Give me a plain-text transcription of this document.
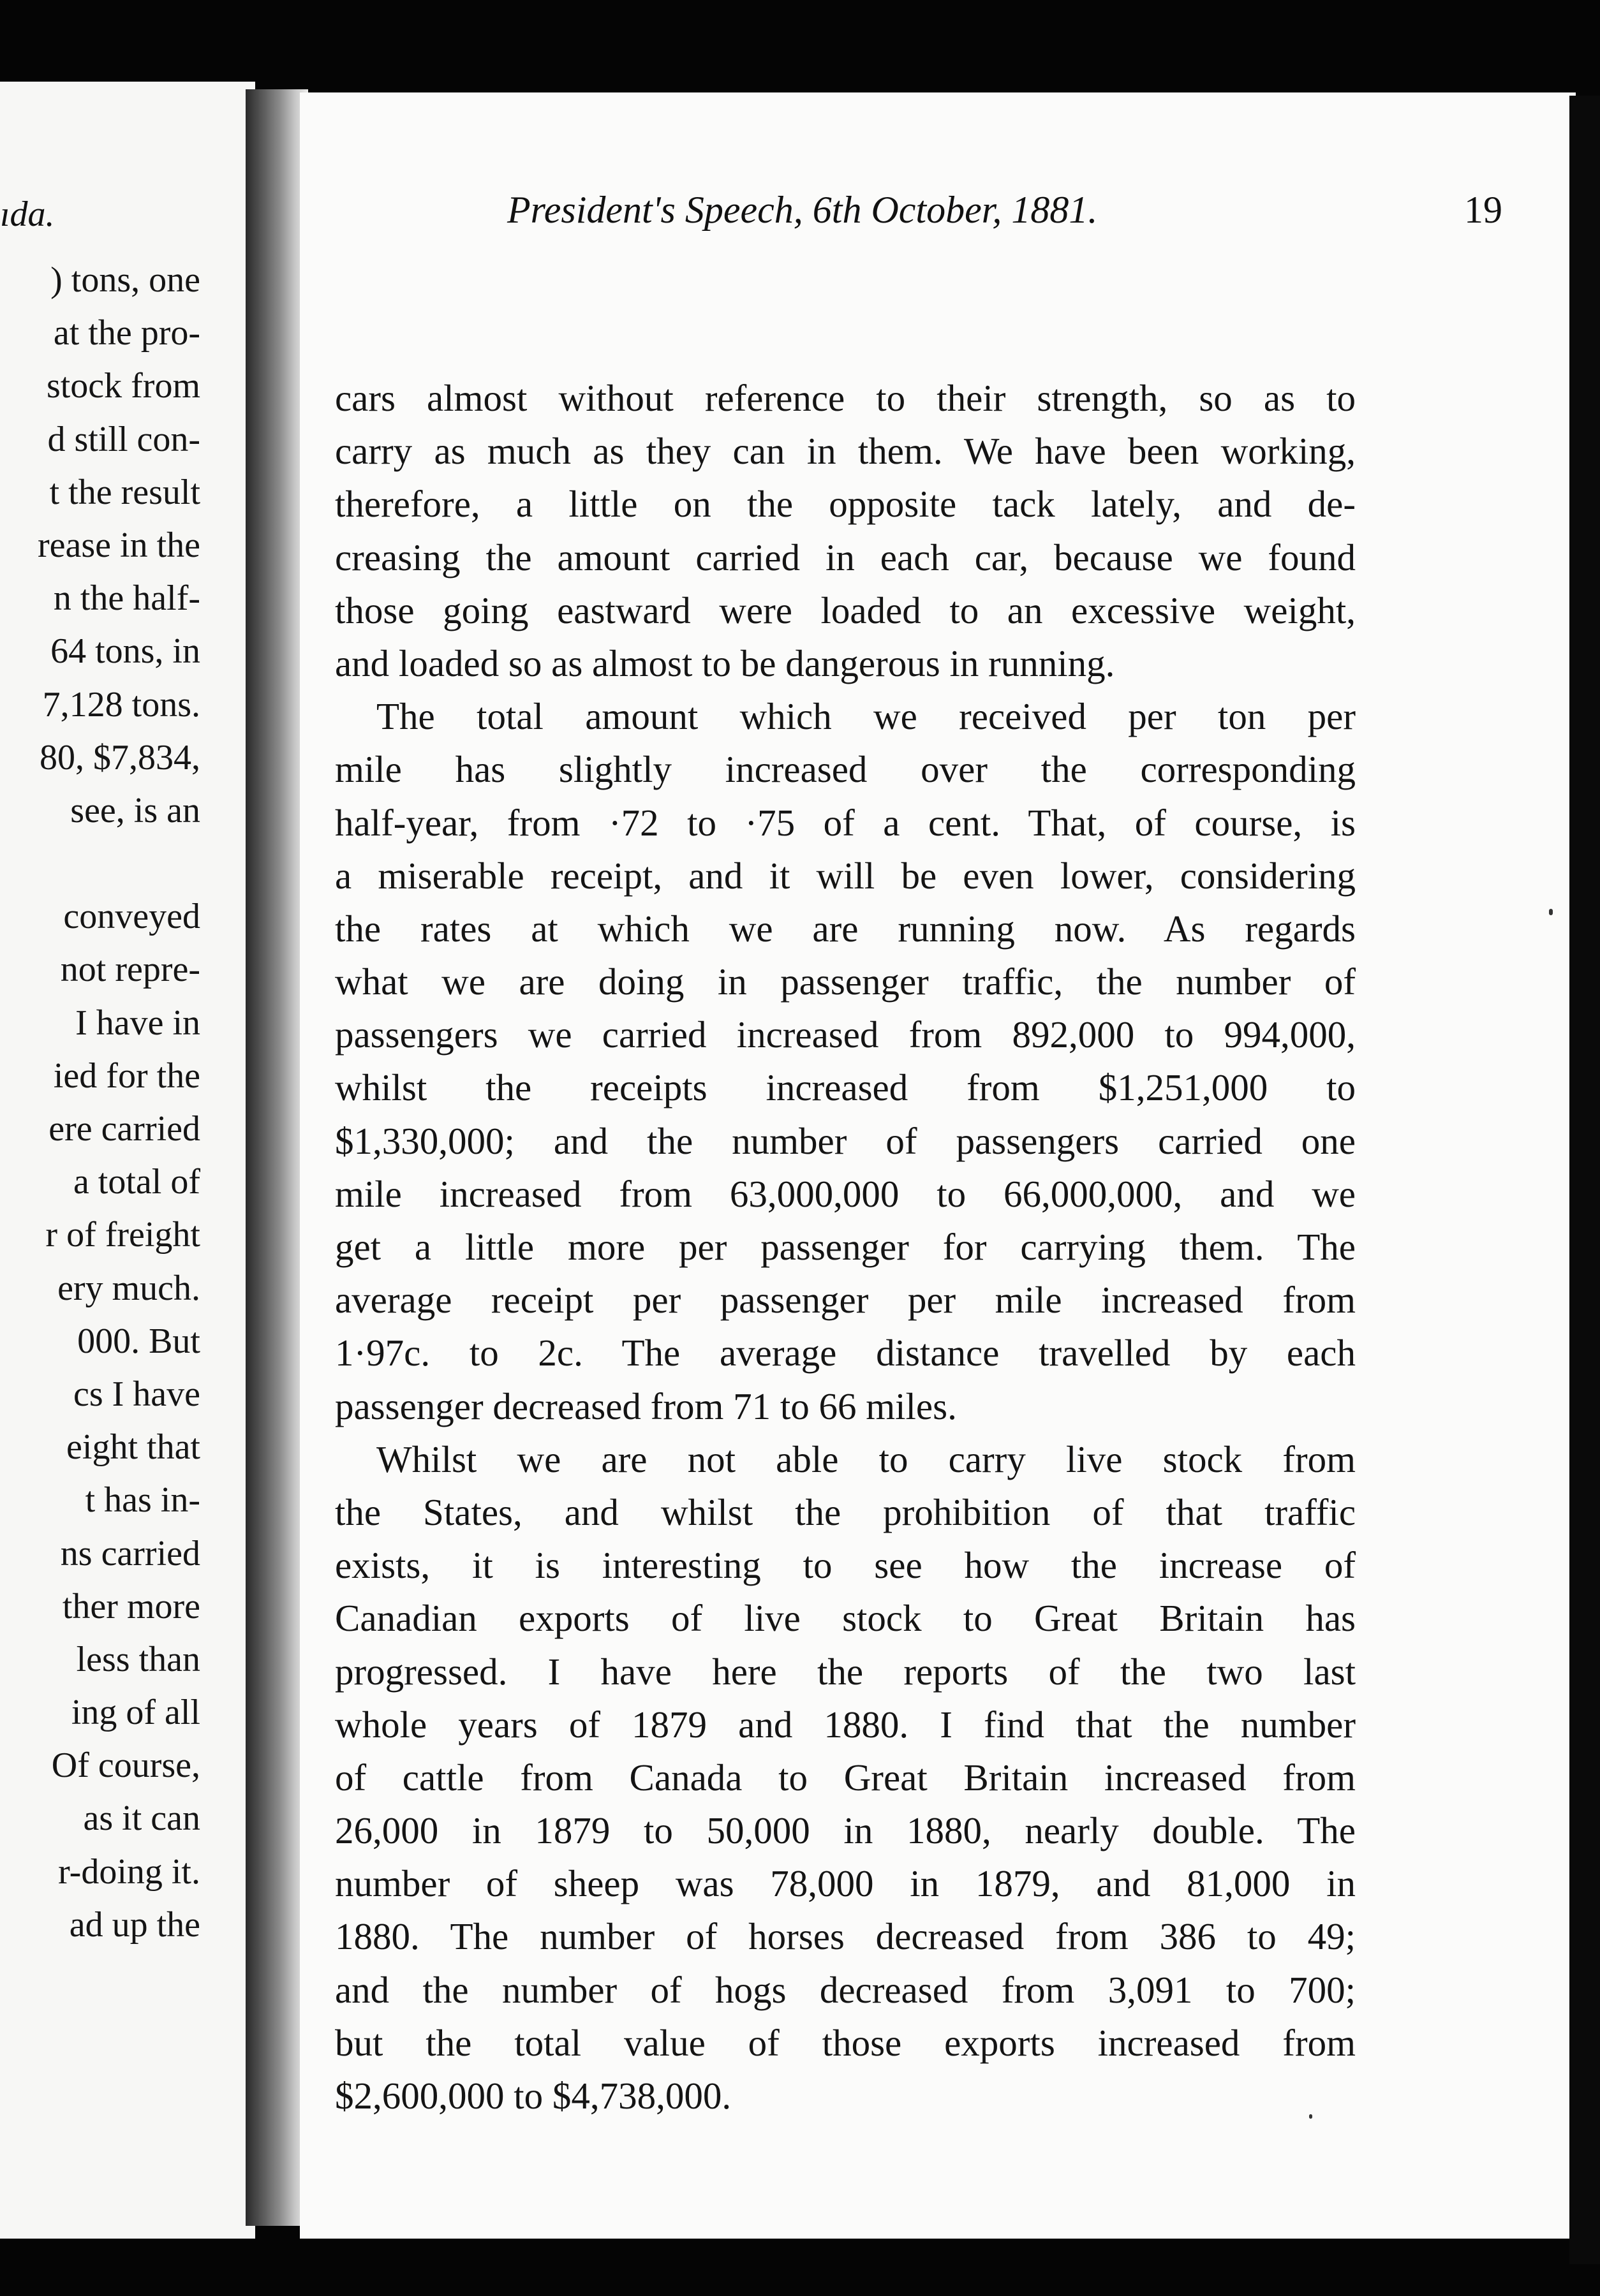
ıda.
) tons, one
at the pro-
stock from
d still con-
t the result
rease in the
n the half-
64 tons, in
7,128 tons.
80, $7,834,
see, is an
conveyed
not repre-
I have in
ied for the
ere carried
a total of
r of freight
ery much.
000. But
cs I have
eight that
t has in-
ns carried
ther more
less than
ing of all
Of course,
as it can
r-doing it.
ad up the
President's Speech, 6th October, 1881.	19
cars almost without reference to their strength, so as to
carry as much as they can in them. We have been working,
therefore, a little on the opposite tack lately, and de-
creasing the amount carried in each car, because we found
those going eastward were loaded to an excessive weight,
and loaded so as almost to be dangerous in running.
The total amount which we received per ton per
mile has slightly increased over the corresponding
half-year, from ·72 to ·75 of a cent. That, of course, is
a miserable receipt, and it will be even lower, considering
the rates at which we are running now. As regards
what we are doing in passenger traffic, the number of
passengers we carried increased from 892,000 to 994,000,
whilst the receipts increased from $1,251,000 to
$1,330,000; and the number of passengers carried one
mile increased from 63,000,000 to 66,000,000, and we
get a little more per passenger for carrying them. The
average receipt per passenger per mile increased from
1·97c. to 2c. The average distance travelled by each
passenger decreased from 71 to 66 miles.
Whilst we are not able to carry live stock from
the States, and whilst the prohibition of that traffic
exists, it is interesting to see how the increase of
Canadian exports of live stock to Great Britain has
progressed. I have here the reports of the two last
whole years of 1879 and 1880. I find that the number
of cattle from Canada to Great Britain increased from
26,000 in 1879 to 50,000 in 1880, nearly double. The
number of sheep was 78,000 in 1879, and 81,000 in
1880. The number of horses decreased from 386 to 49;
and the number of hogs decreased from 3,091 to 700;
but the total value of those exports increased from
$2,600,000 to $4,738,000.
